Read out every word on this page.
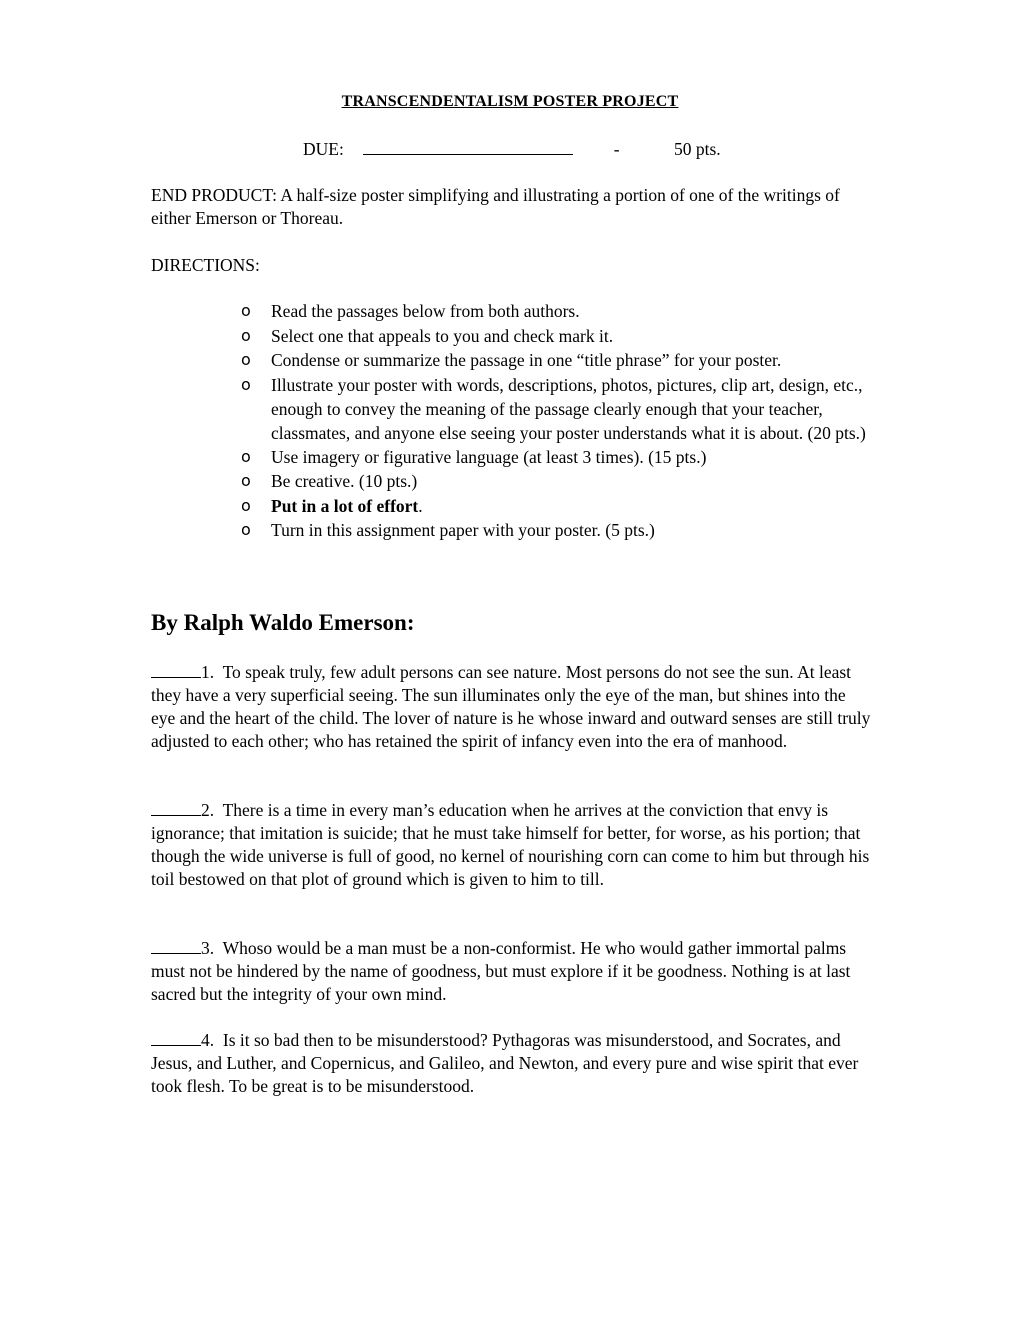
TRANSCENDENTALISM POSTER PROJECT
DUE:	-	50 pts.
END PRODUCT: A half-size poster simplifying and illustrating a portion of one of the writings of either Emerson or Thoreau.
DIRECTIONS:
o Read the passages below from both authors.
o Select one that appeals to you and check mark it.
o Condense or summarize the passage in one “title phrase” for your poster.
o Illustrate your poster with words, descriptions, photos, pictures, clip art, design, etc., enough to convey the meaning of the passage clearly enough that your teacher, classmates, and anyone else seeing your poster understands what it is about. (20 pts.)
o Use imagery or figurative language (at least 3 times). (15 pts.)
o Be creative. (10 pts.)
o Put in a lot of effort.
o Turn in this assignment paper with your poster. (5 pts.)
By Ralph Waldo Emerson:
1. To speak truly, few adult persons can see nature. Most persons do not see the sun. At least they have a very superficial seeing. The sun illuminates only the eye of the man, but shines into the eye and the heart of the child. The lover of nature is he whose inward and outward senses are still truly adjusted to each other; who has retained the spirit of infancy even into the era of manhood.
2. There is a time in every man’s education when he arrives at the conviction that envy is ignorance; that imitation is suicide; that he must take himself for better, for worse, as his portion; that though the wide universe is full of good, no kernel of nourishing corn can come to him but through his toil bestowed on that plot of ground which is given to him to till.
3. Whoso would be a man must be a non-conformist. He who would gather immortal palms must not be hindered by the name of goodness, but must explore if it be goodness. Nothing is at last sacred but the integrity of your own mind.
4. Is it so bad then to be misunderstood? Pythagoras was misunderstood, and Socrates, and Jesus, and Luther, and Copernicus, and Galileo, and Newton, and every pure and wise spirit that ever took flesh. To be great is to be misunderstood.
